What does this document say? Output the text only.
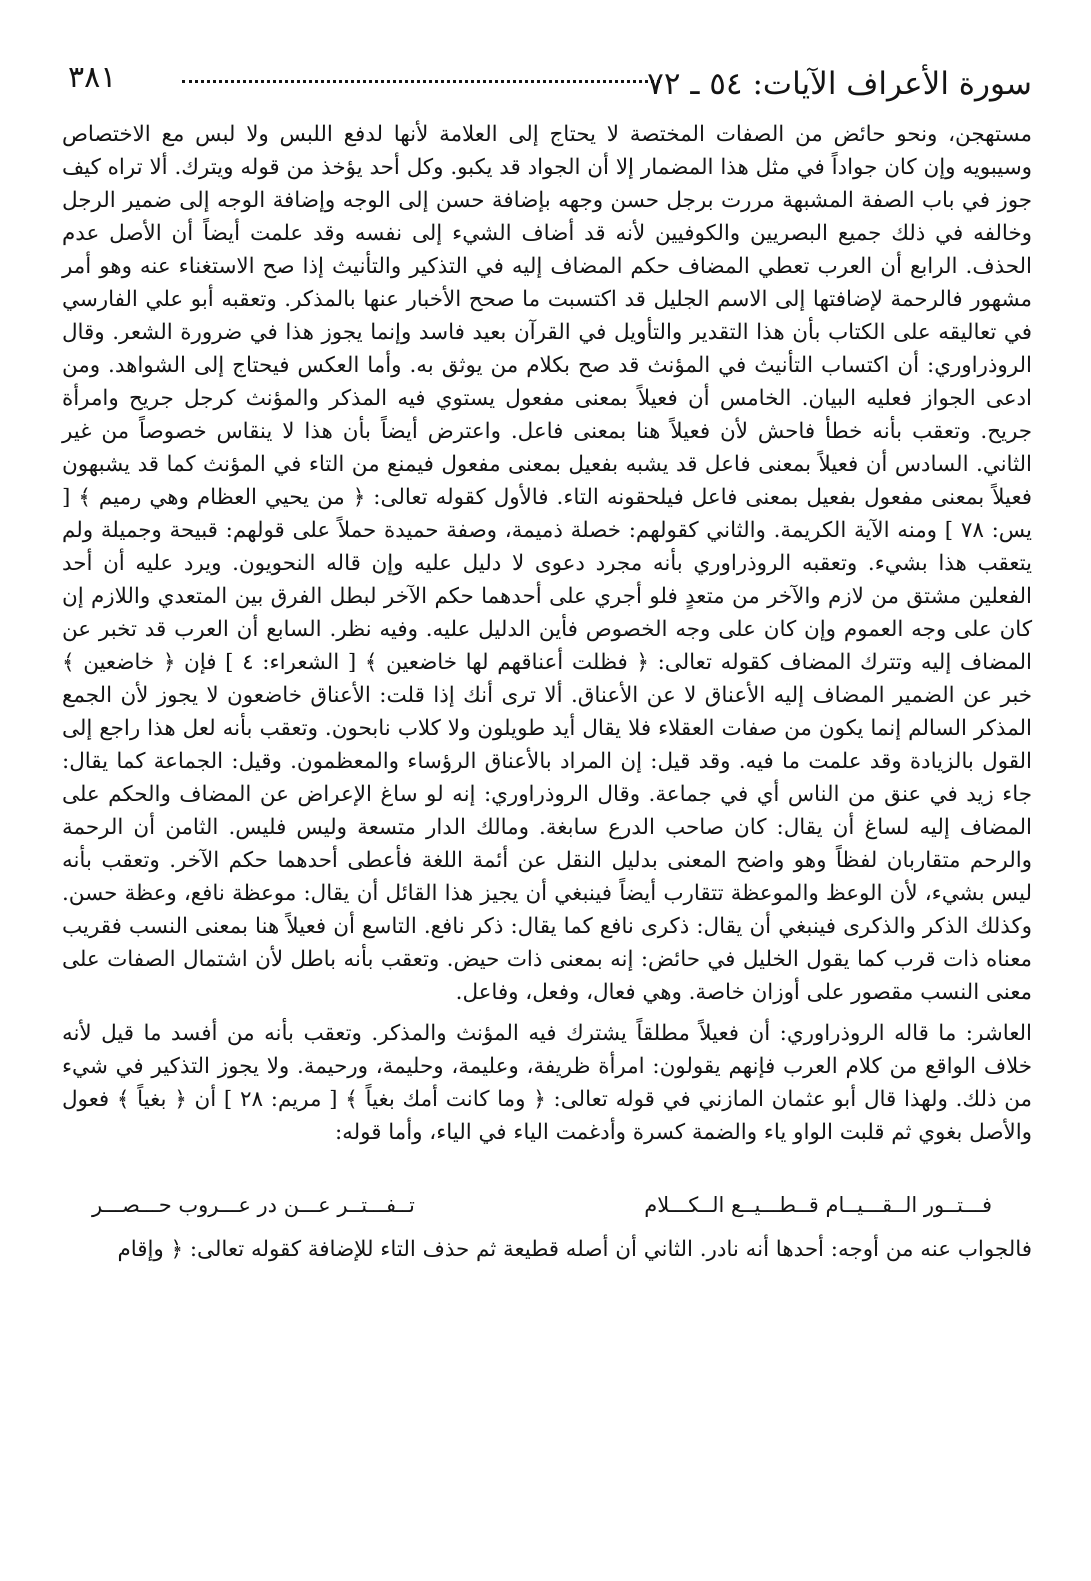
٣٨١	سورة الأعراف الآيات: ٥٤ ـ ٧٢

مستهجن، ونحو حائض من الصفات المختصة لا يحتاج إلى العلامة لأنها لدفع اللبس ولا لبس مع الاختصاص وسيبويه وإن كان جواداً في مثل هذا المضمار إلا أن الجواد قد يكبو. وكل أحد يؤخذ من قوله ويترك. ألا تراه كيف جوز في باب الصفة المشبهة مررت برجل حسن وجهه بإضافة حسن إلى الوجه وإضافة الوجه إلى ضمير الرجل وخالفه في ذلك جميع البصريين والكوفيين لأنه قد أضاف الشيء إلى نفسه وقد علمت أيضاً أن الأصل عدم الحذف. الرابع أن العرب تعطي المضاف حكم المضاف إليه في التذكير والتأنيث إذا صح الاستغناء عنه وهو أمر مشهور فالرحمة لإضافتها إلى الاسم الجليل قد اكتسبت ما صحح الأخبار عنها بالمذكر. وتعقبه أبو علي الفارسي في تعاليقه على الكتاب بأن هذا التقدير والتأويل في القرآن بعيد فاسد وإنما يجوز هذا في ضرورة الشعر. وقال الروذراوري: أن اكتساب التأنيث في المؤنث قد صح بكلام من يوثق به. وأما العكس فيحتاج إلى الشواهد. ومن ادعى الجواز فعليه البيان. الخامس أن فعيلاً بمعنى مفعول يستوي فيه المذكر والمؤنث كرجل جريح وامرأة جريح. وتعقب بأنه خطأ فاحش لأن فعيلاً هنا بمعنى فاعل. واعترض أيضاً بأن هذا لا ينقاس خصوصاً من غير الثاني. السادس أن فعيلاً بمعنى فاعل قد يشبه بفعيل بمعنى مفعول فيمنع من التاء في المؤنث كما قد يشبهون فعيلاً بمعنى مفعول بفعيل بمعنى فاعل فيلحقونه التاء. فالأول كقوله تعالى: ﴿ من يحيي العظام وهي رميم ﴾ [ يس: ٧٨ ] ومنه الآية الكريمة. والثاني كقولهم: خصلة ذميمة، وصفة حميدة حملاً على قولهم: قبيحة وجميلة ولم يتعقب هذا بشيء. وتعقبه الروذراوري بأنه مجرد دعوى لا دليل عليه وإن قاله النحويون. ويرد عليه أن أحد الفعلين مشتق من لازم والآخر من متعدٍ فلو أجري على أحدهما حكم الآخر لبطل الفرق بين المتعدي واللازم إن كان على وجه العموم وإن كان على وجه الخصوص فأين الدليل عليه. وفيه نظر. السابع أن العرب قد تخبر عن المضاف إليه وتترك المضاف كقوله تعالى: ﴿ فظلت أعناقهم لها خاضعين ﴾ [ الشعراء: ٤ ] فإن ﴿ خاضعين ﴾ خبر عن الضمير المضاف إليه الأعناق لا عن الأعناق. ألا ترى أنك إذا قلت: الأعناق خاضعون لا يجوز لأن الجمع المذكر السالم إنما يكون من صفات العقلاء فلا يقال أيد طويلون ولا كلاب نابحون. وتعقب بأنه لعل هذا راجع إلى القول بالزيادة وقد علمت ما فيه. وقد قيل: إن المراد بالأعناق الرؤساء والمعظمون. وقيل: الجماعة كما يقال: جاء زيد في عنق من الناس أي في جماعة. وقال الروذراوري: إنه لو ساغ الإعراض عن المضاف والحكم على المضاف إليه لساغ أن يقال: كان صاحب الدرع سابغة. ومالك الدار متسعة وليس فليس. الثامن أن الرحمة والرحم متقاربان لفظاً وهو واضح المعنى بدليل النقل عن أئمة اللغة فأعطى أحدهما حكم الآخر. وتعقب بأنه ليس بشيء، لأن الوعظ والموعظة تتقارب أيضاً فينبغي أن يجيز هذا القائل أن يقال: موعظة نافع، وعظة حسن. وكذلك الذكر والذكرى فينبغي أن يقال: ذكرى نافع كما يقال: ذكر نافع. التاسع أن فعيلاً هنا بمعنى النسب فقريب معناه ذات قرب كما يقول الخليل في حائض: إنه بمعنى ذات حيض. وتعقب بأنه باطل لأن اشتمال الصفات على معنى النسب مقصور على أوزان خاصة. وهي فعال، وفعل، وفاعل.

العاشر: ما قاله الروذراوري: أن فعيلاً مطلقاً يشترك فيه المؤنث والمذكر. وتعقب بأنه من أفسد ما قيل لأنه خلاف الواقع من كلام العرب فإنهم يقولون: امرأة ظريفة، وعليمة، وحليمة، ورحيمة. ولا يجوز التذكير في شيء من ذلك. ولهذا قال أبو عثمان المازني في قوله تعالى: ﴿ وما كانت أمك بغياً ﴾ [ مريم: ٢٨ ] أن ﴿ بغياً ﴾ فعول والأصل بغوي ثم قلبت الواو ياء والضمة كسرة وأدغمت الياء في الياء، وأما قوله:

فـــتــور الــقـــيــام قــطـــيــع الــكـــلام
تــفـــتــر عـــن در عـــروب حـــصـــر

فالجواب عنه من أوجه: أحدها أنه نادر. الثاني أن أصله قطيعة ثم حذف التاء للإضافة كقوله تعالى: ﴿ وإقام
